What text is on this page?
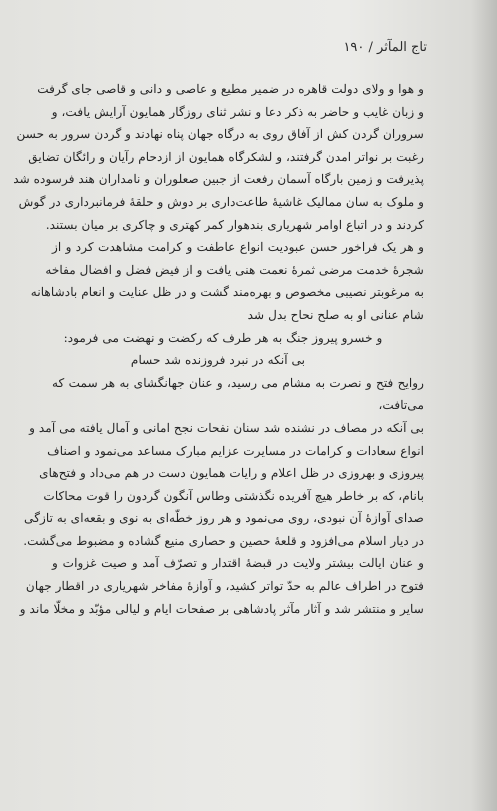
تاج المآثر / ۱۹۰
و هوا و ولای دولت قاهره در ضمیر مطیع و عاصی و دانی و قاصی جای گرفت
و زبان غایب و حاضر به ذکر دعا و نشر ثنای روزگار همایون آرایش یافت، و
سروران گردن کش از آفاق روی به درگاه جهان پناه نهادند و گردن سرور به حسن
رغبت بر نواتر امدن گرفتند، و لشکرگاه همایون از ازدحام رآیان و رائگان تضایق
پذیرفت و زمین بارگاه آسمان رفعت از جبین صعلوران و نامداران هند فرسوده شد
و ملوک به سان ممالیک غاشیهٔ طاعت‌داری بر دوش و حلقهٔ فرمانبرداری در گوش
کردند و در اتباع اوامر شهریاری بندهوار کمر کهتری و چاکری بر میان بستند.
و هر یک فراخور حسن عبودیت انواع عاطفت و کرامت مشاهدت کرد و از
شجرهٔ خدمت مرضی ثمرهٔ نعمت هنی یافت و از فیض فضل و افضال مفاخه
به مرغوبتر نصیبی مخصوص و بهره‌مند گشت و در ظل عنایت و انعام بادشاهانه
شام عنانی او به صلح نحاح بدل شد
و خسرو پیروز جنگ به هر طرف که رکضت و نهضت می فرمود:
بی آنکه در نبرد فروزنده شد حسام
روایح فتح و نصرت به مشام می رسید، و عنان جهانگشای به هر سمت که
می‌تافت،
بی آنکه در مصاف در نشنده شد سنان نفحات نجح امانی و آمال یافته می آمد و
انواع سعادات و کرامات در مسایرت عزایم مبارک مساعد می‌نمود و اصناف
پیروزی و بهروزی در ظل اعلام و رایات همایون دست در هم می‌داد و فتح‌های
بانام، که بر خاطر هیچ آفریده نگذشتی وطاس آنگون گردون را قوت محاکات
صدای آوازهٔ آن نبودی، روی می‌نمود و هر روز خطّه‌ای به نوی و بقعه‌ای به تازگی
در دیار اسلام می‌افزود و قلعهٔ حصین و حصاری منیع گشاده و مضبوط می‌گشت.
و عنان ایالت بیشتر ولایت در قبضهٔ اقتدار و تصرّف آمد و صیت غزوات و
فتوح در اطراف عالم به حدّ تواتر کشید، و آوازهٔ مفاخر شهریاری در اقطار جهان
سایر و منتشر شد و آثار مآثر پادشاهی بر صفحات ایام و لیالی مؤبّد و مخلّا ماند و
